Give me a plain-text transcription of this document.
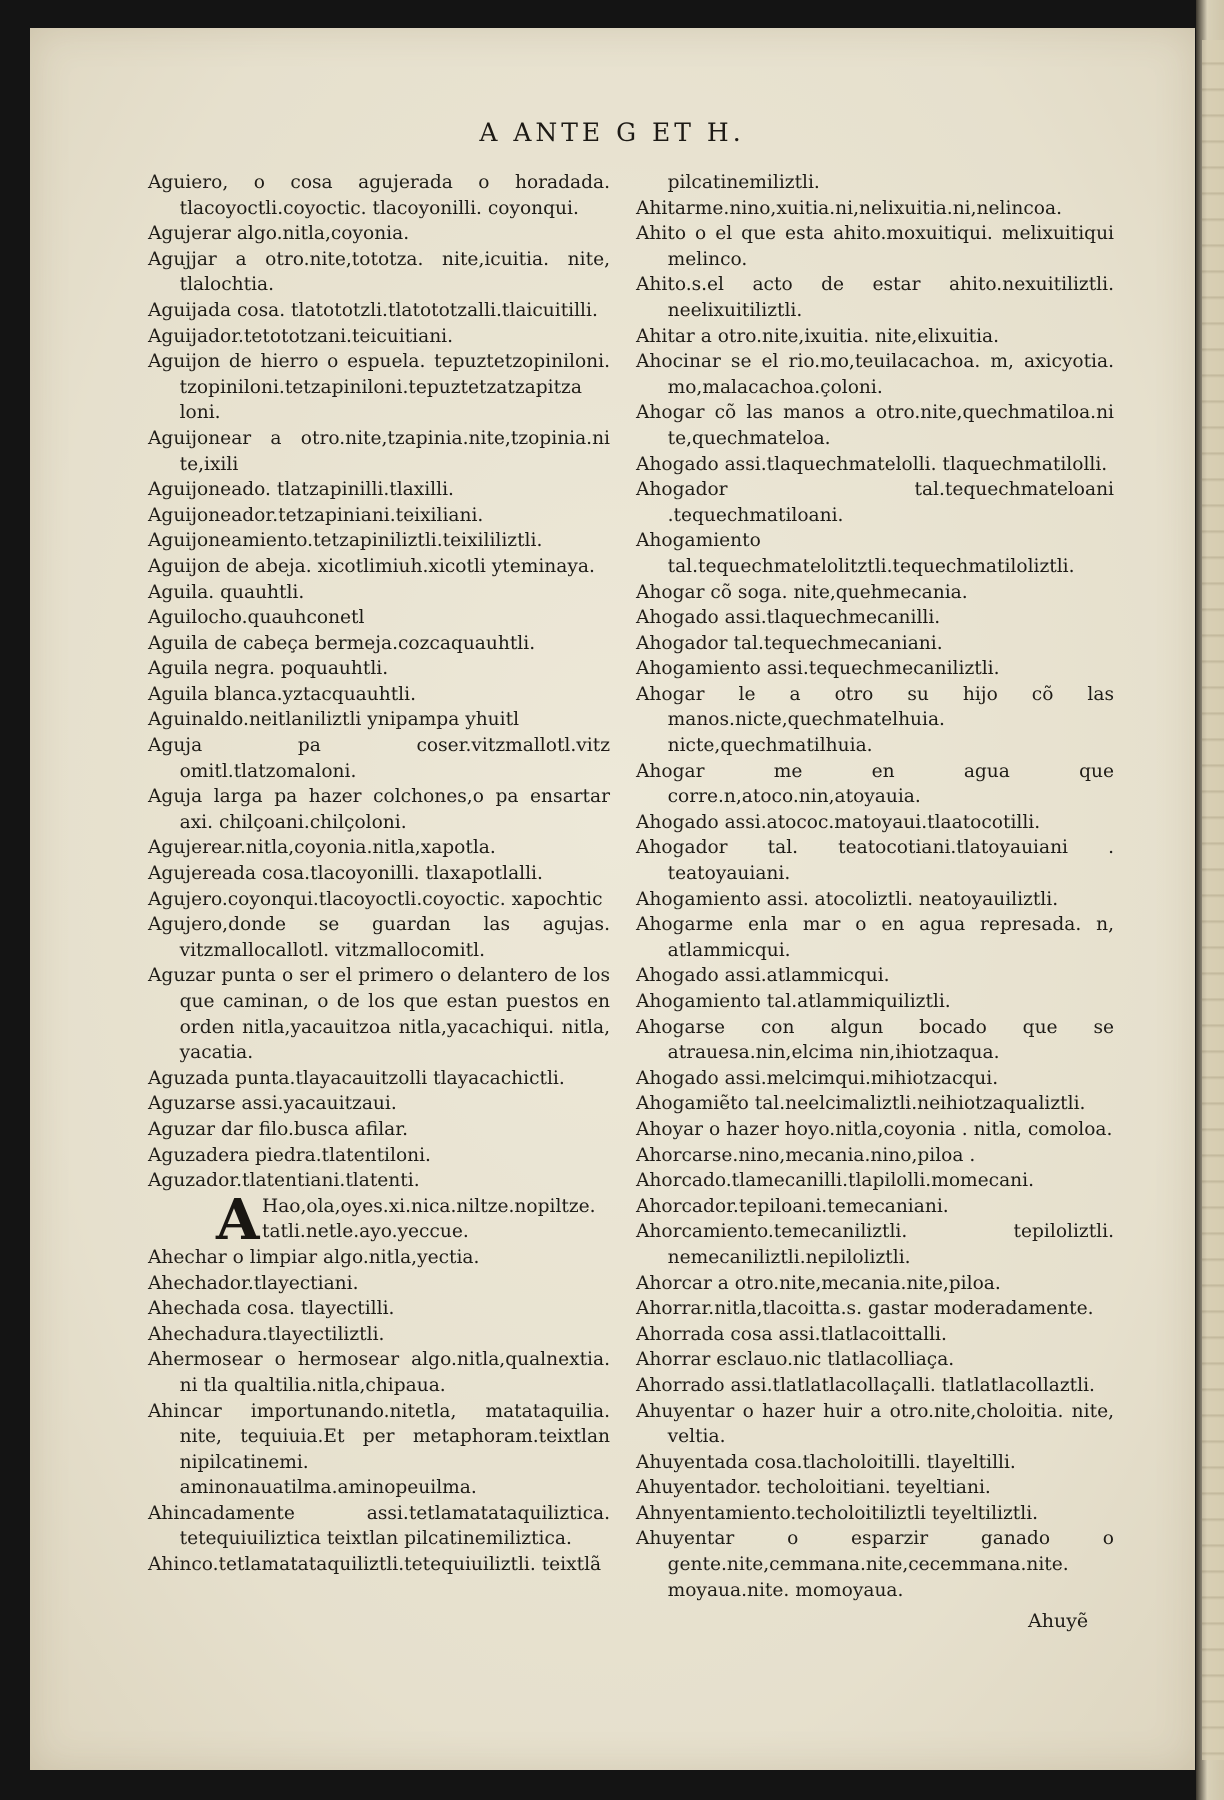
A ANTE G ET H.

Aguiero, o cosa agujerada o horadada. tlacoyoctli.coyoctic. tlacoyonilli. coyonqui.

Agujerar algo.nitla,coyonia.

Agujjar a otro.nite,tototza. nite,icuitia. nite, tlalochtia.

Aguijada cosa. tlatototzli.tlatototzalli.tlaicuitilli.

Aguijador.tetototzani.teicuitiani.

Aguijon de hierro o espuela. tepuztetzopiniloni. tzopiniloni.tetzapiniloni.tepuztetzatzapitza loni.

Aguijonear a otro.nite,tzapinia.nite,tzopinia.ni te,ixili

Aguijoneado. tlatzapinilli.tlaxilli.

Aguijoneador.tetzapiniani.teixiliani.

Aguijoneamiento.tetzapiniliztli.teixililiztli.

Aguijon de abeja. xicotlimiuh.xicotli yteminaya.

Aguila. quauhtli.

Aguilocho.quauhconetl

Aguila de cabeça bermeja.cozcaquauhtli.

Aguila negra. poquauhtli.

Aguila blanca.yztacquauhtli.

Aguinaldo.neitlaniliztli ynipampa yhuitl

Aguja pa coser.vitzmallotl.vitz omitl.tlatzomaloni.

Aguja larga pa hazer colchones,o pa ensartar axi. chilçoani.chilçoloni.

Agujerear.nitla,coyonia.nitla,xapotla.

Agujereada cosa.tlacoyonilli. tlaxapotlalli.

Agujero.coyonqui.tlacoyoctli.coyoctic. xapochtic

Agujero,donde se guardan las agujas. vitzmallocallotl. vitzmallocomitl.

Aguzar punta o ser el primero o delantero de los que caminan, o de los que estan puestos en orden nitla,yacauitzoa nitla,yacachiqui. nitla, yacatia.

Aguzada punta.tlayacauitzolli tlayacachictli.

Aguzarse assi.yacauitzaui.

Aguzar dar filo.busca afilar.

Aguzadera piedra.tlatentiloni.

Aguzador.tlatentiani.tlatenti.

A Hao,ola,oyes.xi.nica.niltze.nopiltze. tatli.netle.ayo.yeccue.

Ahechar o limpiar algo.nitla,yectia.

Ahechador.tlayectiani.

Ahechada cosa. tlayectilli.

Ahechadura.tlayectiliztli.

Ahermosear o hermosear algo.nitla,qualnextia. ni tla qualtilia.nitla,chipaua.

Ahincar importunando.nitetla, matataquilia. nite, tequiuia.Et per metaphoram.teixtlan nipilcatinemi. aminonauatilma.aminopeuilma.

Ahincadamente assi.tetlamatataquiliztica. tetequiuiliztica teixtlan pilcatinemiliztica.

Ahinco.tetlamatataquiliztli.tetequiuiliztli. teixtlã

pilcatinemiliztli.

Ahitarme.nino,xuitia.ni,nelixuitia.ni,nelincoa.

Ahito o el que esta ahito.moxuitiqui. melixuitiqui melinco.

Ahito.s.el acto de estar ahito.nexuitiliztli. neelixuitiliztli.

Ahitar a otro.nite,ixuitia. nite,elixuitia.

Ahocinar se el rio.mo,teuilacachoa. m, axicyotia. mo,malacachoa.çoloni.

Ahogar cõ las manos a otro.nite,quechmatiloa.ni te,quechmateloa.

Ahogado assi.tlaquechmatelolli. tlaquechmatilolli.

Ahogador tal.tequechmateloani .tequechmatiloani.

Ahogamiento tal.tequechmatelolitztli.tequechmatiloliztli.

Ahogar cõ soga. nite,quehmecania.

Ahogado assi.tlaquechmecanilli.

Ahogador tal.tequechmecaniani.

Ahogamiento assi.tequechmecaniliztli.

Ahogar le a otro su hijo cõ las manos.nicte,quechmatelhuia. nicte,quechmatilhuia.

Ahogar me en agua que corre.n,atoco.nin,atoyauia.

Ahogado assi.atococ.matoyaui.tlaatocotilli.

Ahogador tal. teatocotiani.tlatoyauiani . teatoyauiani.

Ahogamiento assi. atocoliztli. neatoyauiliztli.

Ahogarme enla mar o en agua represada. n, atlammicqui.

Ahogado assi.atlammicqui.

Ahogamiento tal.atlammiquiliztli.

Ahogarse con algun bocado que se atrauesa.nin,elcima nin,ihiotzaqua.

Ahogado assi.melcimqui.mihiotzacqui.

Ahogamiẽto tal.neelcimaliztli.neihiotzaqualiztli.

Ahoyar o hazer hoyo.nitla,coyonia . nitla, comoloa.

Ahorcarse.nino,mecania.nino,piloa .

Ahorcado.tlamecanilli.tlapilolli.momecani.

Ahorcador.tepiloani.temecaniani.

Ahorcamiento.temecaniliztli. tepiloliztli. nemecaniliztli.nepiloliztli.

Ahorcar a otro.nite,mecania.nite,piloa.

Ahorrar.nitla,tlacoitta.s. gastar moderadamente.

Ahorrada cosa assi.tlatlacoittalli.

Ahorrar esclauo.nic tlatlacolliaça.

Ahorrado assi.tlatlatlacollaçalli. tlatlatlacollaztli.

Ahuyentar o hazer huir a otro.nite,choloitia. nite, veltia.

Ahuyentada cosa.tlacholoitilli. tlayeltilli.

Ahuyentador. techoloitiani. teyeltiani.

Ahnyentamiento.techoloitiliztli teyeltiliztli.

Ahuyentar o esparzir ganado o gente.nite,cemmana.nite,cecemmana.nite. moyaua.nite. momoyaua.

Ahuyẽ
